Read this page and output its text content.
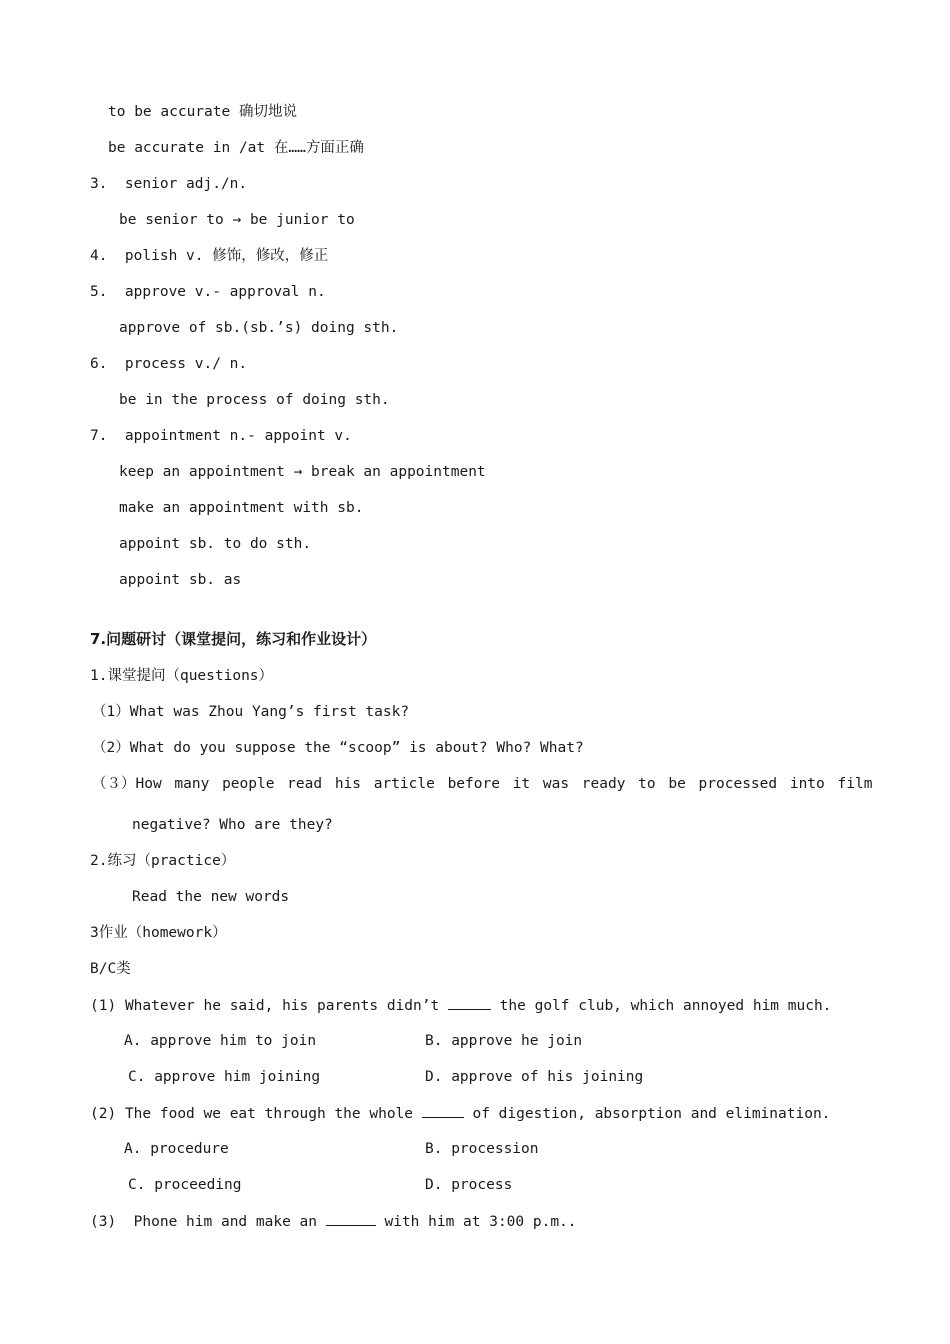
to be accurate 确切地说
be accurate in /at 在……方面正确
3.  senior adj./n.
be senior to → be junior to
4.  polish v. 修饰，修改，修正
5.  approve v.- approval n.
approve of sb.(sb.’s) doing sth.
6.  process v./ n.
be in the process of doing sth.
7.  appointment n.- appoint v.
keep an appointment → break an appointment
make an appointment with sb.
appoint sb. to do sth.
appoint sb. as
7.问题研讨（课堂提问，练习和作业设计）
1.课堂提问（questions）
（1）What was Zhou Yang’s first task?
（2）What do you suppose the “scoop” is about? Who? What?
（３）How many people read his article before it was ready to be processed into film
negative? Who are they?
2.练习（practice）
Read the new words
3作业（homework）
B/C类
(1) Whatever he said, his parents didn’t	the golf club, which annoyed him much.
A. approve him to join	B. approve he join
C. approve him joining	D. approve of his joining
(2) The food we eat through the whole	of digestion, absorption and elimination.
A. procedure	B. procession
C. proceeding	D. process
(3) Phone him and make an	with him at 3:00 p.m..
